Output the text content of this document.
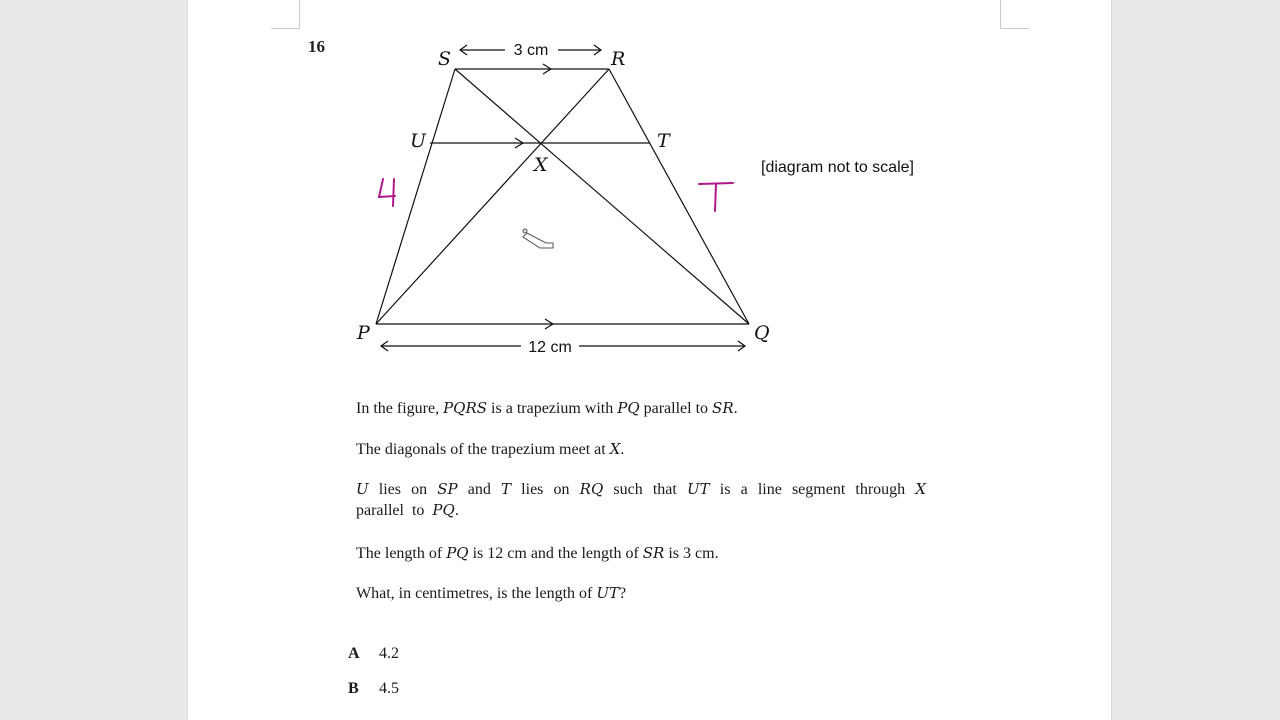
16
S	R
U	T
X
P	Q
3 cm
12 cm
[diagram not to scale]
In the figure, PQRS is a trapezium with PQ parallel to SR.
The diagonals of the trapezium meet at X.
U lies on SP and T lies on RQ such that UT is a line segment through X parallel to PQ.
The length of PQ is 12 cm and the length of SR is 3 cm.
What, in centimetres, is the length of UT?
A 4.2
B 4.5
